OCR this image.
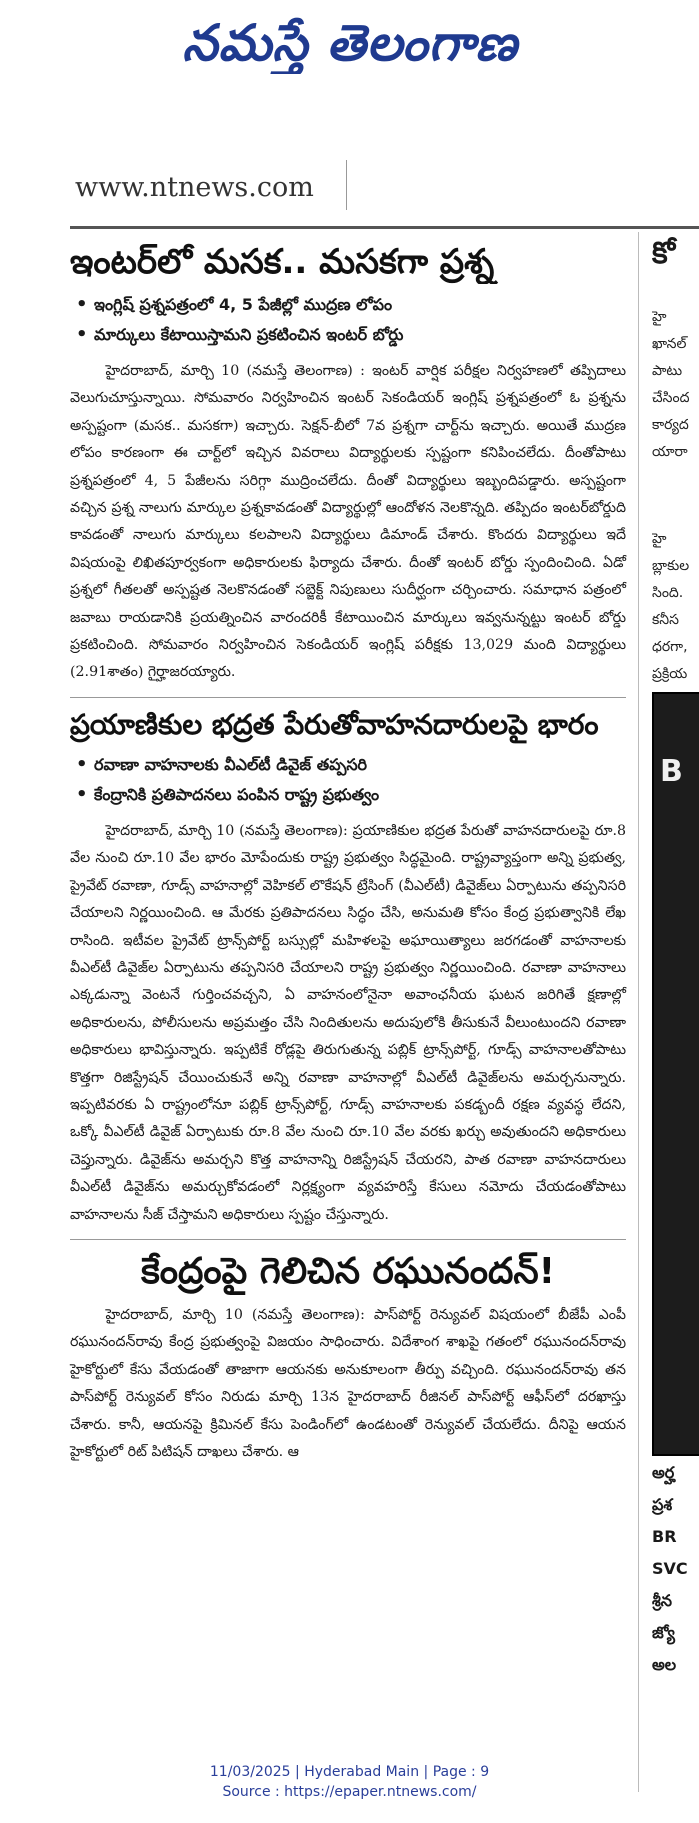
నమస్తే తెలంగాణ
www.ntnews.com
ఇంటర్‌లో మసక.. మసకగా ప్రశ్న
• ఇంగ్లిష్‌ ప్రశ్నపత్రంలో 4, 5 పేజీల్లో ముద్రణ లోపం
• మార్కులు కేటాయిస్తామని ప్రకటించిన ఇంటర్‌ బోర్డు

హైదరాబాద్‌, మార్చి 10 (నమస్తే తెలంగాణ) : ఇంటర్‌ వార్షిక పరీక్షల నిర్వహణలో తప్పిదాలు వెలుగుచూస్తున్నాయి. సోమవారం నిర్వహించిన ఇంటర్‌ సెకండియర్‌ ఇంగ్లిష్‌ ప్రశ్నపత్రంలో ఓ ప్రశ్నను అస్పష్టంగా (మసక.. మసకగా) ఇచ్చారు. సెక్షన్‌-బీలో 7వ ప్రశ్నగా చార్ట్‌ను ఇచ్చారు. అయితే ముద్రణ లోపం కారణంగా ఈ చార్ట్‌లో ఇచ్చిన వివరాలు విద్యార్థులకు స్పష్టంగా కనిపించలేదు. దీంతోపాటు ప్రశ్నపత్రంలో 4, 5 పేజీలను సరిగ్గా ముద్రించలేదు. దీంతో విద్యార్థులు ఇబ్బందిపడ్డారు. అస్పష్టంగా వచ్చిన ప్రశ్న నాలుగు మార్కుల ప్రశ్నకావడంతో విద్యార్థుల్లో ఆందోళన నెలకొన్నది. తప్పిదం ఇంటర్‌బోర్డుది కావడంతో నాలుగు మార్కులు కలపాలని విద్యార్థులు డిమాండ్‌ చేశారు. కొందరు విద్యార్థులు ఇదే విషయంపై లిఖితపూర్వకంగా అధికారులకు ఫిర్యాదు చేశారు. దీంతో ఇంటర్‌ బోర్డు స్పందించింది. ఏడో ప్రశ్నలో గీతలతో అస్పష్టత నెలకొనడంతో సబ్జెక్ట్‌ నిపుణులు సుదీర్ఘంగా చర్చించారు. సమాధాన పత్రంలో జవాబు రాయడానికి ప్రయత్నించిన వారందరికీ కేటాయించిన మార్కులు ఇవ్వనున్నట్టు ఇంటర్‌ బోర్డు ప్రకటించింది. సోమవారం నిర్వహించిన సెకండియర్‌ ఇంగ్లిష్‌ పరీక్షకు 13,029 మంది విద్యార్థులు (2.91శాతం) గైర్హాజరయ్యారు.

ప్రయాణికుల భద్రత పేరుతోవాహనదారులపై భారం
• రవాణా వాహనాలకు వీఎల్‌టీ డివైజ్‌ తప్పసరి
• కేంద్రానికి ప్రతిపాదనలు పంపిన రాష్ట్ర ప్రభుత్వం

హైదరాబాద్‌, మార్చి 10 (నమస్తే తెలంగాణ): ప్రయాణికుల భద్రత పేరుతో వాహనదారులపై రూ.8 వేల నుంచి రూ.10 వేల భారం మోపేందుకు రాష్ట్ర ప్రభుత్వం సిద్ధమైంది. రాష్ట్రవ్యాప్తంగా అన్ని ప్రభుత్వ, ప్రైవేట్‌ రవాణా, గూడ్స్‌ వాహనాల్లో వెహికల్‌ లొకేషన్‌ ట్రేసింగ్‌ (వీఎల్‌టీ) డివైజ్‌లు ఏర్పాటును తప్పనిసరి చేయాలని నిర్ణయించింది. ఆ మేరకు ప్రతిపాదనలు సిద్ధం చేసి, అనుమతి కోసం కేంద్ర ప్రభుత్వానికి లేఖ రాసింది. ఇటీవల ప్రైవేట్‌ ట్రాన్స్‌పోర్ట్‌ బస్సుల్లో మహిళలపై అఘాయిత్యాలు జరగడంతో వాహనాలకు వీఎల్‌టీ డివైజ్‌ల ఏర్పాటును తప్పనిసరి చేయాలని రాష్ట్ర ప్రభుత్వం నిర్ణయించింది. రవాణా వాహనాలు ఎక్కడున్నా వెంటనే గుర్తించవచ్చని, ఏ వాహనంలోనైనా అవాంఛనీయ ఘటన జరిగితే క్షణాల్లో అధికారులను, పోలీసులను అప్రమత్తం చేసి నిందితులను అదుపులోకి తీసుకునే వీలుంటుందని రవాణా అధికారులు భావిస్తున్నారు. ఇప్పటికే రోడ్లపై తిరుగుతున్న పబ్లిక్‌ ట్రాన్స్‌పోర్ట్‌, గూడ్స్‌ వాహనాలతోపాటు కొత్తగా రిజిస్ట్రేషన్‌ చేయించుకునే అన్ని రవాణా వాహనాల్లో వీఎల్‌టీ డివైజ్‌లను అమర్చనున్నారు. ఇప్పటివరకు ఏ రాష్ట్రంలోనూ పబ్లిక్‌ ట్రాన్స్‌పోర్ట్‌, గూడ్స్‌ వాహనాలకు పకడ్బందీ రక్షణ వ్యవస్థ లేదని, ఒక్కో వీఎల్‌టీ డివైజ్‌ ఏర్పాటుకు రూ.8 వేల నుంచి రూ.10 వేల వరకు ఖర్చు అవుతుందని అధికారులు చెప్తున్నారు. డివైజ్‌ను అమర్చని కొత్త వాహనాన్ని రిజిస్ట్రేషన్‌ చేయరని, పాత రవాణా వాహనదారులు వీఎల్‌టీ డివైజ్‌ను అమర్చుకోవడంలో నిర్లక్ష్యంగా వ్యవహరిస్తే కేసులు నమోదు చేయడంతోపాటు వాహనాలను సీజ్‌ చేస్తామని అధికారులు స్పష్టం చేస్తున్నారు.

కేంద్రంపై గెలిచిన రఘునందన్‌!

హైదరాబాద్‌, మార్చి 10 (నమస్తే తెలంగాణ): పాస్‌పోర్ట్‌ రెన్యువల్‌ విషయంలో బీజేపీ ఎంపీ రఘునందన్‌రావు కేంద్ర ప్రభుత్వంపై విజయం సాధించారు. విదేశాంగ శాఖపై గతంలో రఘునందన్‌రావు హైకోర్టులో కేసు వేయడంతో తాజాగా ఆయనకు అనుకూలంగా తీర్పు వచ్చింది. రఘునందన్‌రావు తన పాస్‌పోర్ట్‌ రెన్యువల్‌ కోసం నిరుడు మార్చి 13న హైదరాబాద్‌ రీజినల్‌ పాస్‌పోర్ట్‌ ఆఫీస్‌లో దరఖాస్తు చేశారు. కానీ, ఆయనపై క్రిమినల్‌ కేసు పెండింగ్‌లో ఉండటంతో రెన్యువల్‌ చేయలేదు. దీనిపై ఆయన హైకోర్టులో రిట్‌ పిటిషన్‌ దాఖలు చేశారు. ఆ

కో
హై
ఖానల్
పాటు
చేసింద
కార్యద
యారా
హై
బ్లాకుల
సింది.
కనీస
ధరగా,
ప్రక్రియ
B
అర్హ
ప్రశ
BR
SVC
శ్రీన
జ్యో
అల
11/03/2025 | Hyderabad Main | Page : 9
Source : https://epaper.ntnews.com/
